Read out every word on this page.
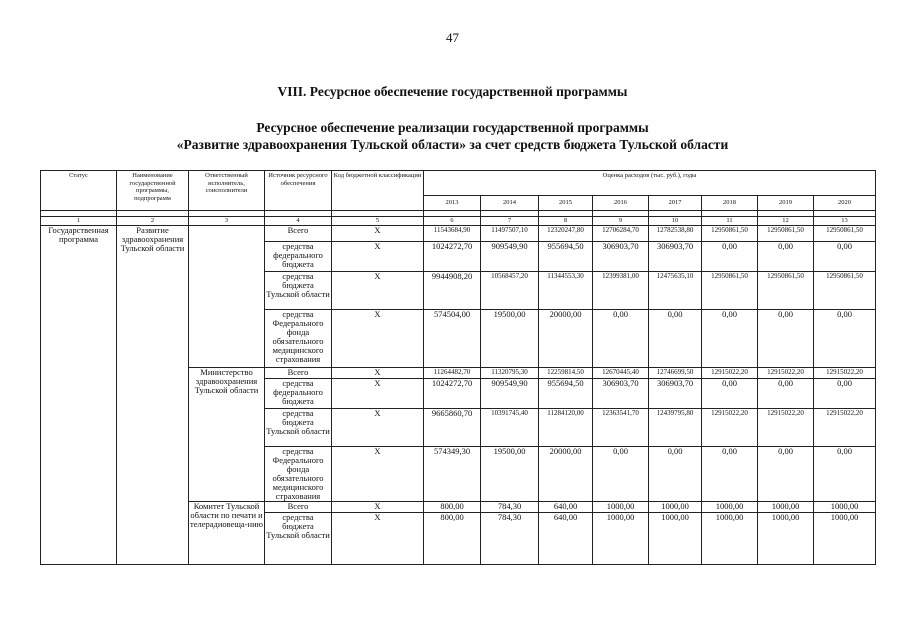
47
VIII. Ресурсное обеспечение государственной программы
Ресурсное обеспечение реализации государственной программы
«Развитие здравоохранения Тульской области» за счет средств бюджета Тульской области
Статус	Наименование государственной программы, подпрограмм	Ответственный исполнитель, соисполнители	Источник ресурсного обеспечения	Код бюджетной классификации	Оценка расходов (тыс. руб.), годы							
					2013	2014	2015	2016	2017	2018	2019	2020

1	2	3	4	5	6	7	8	9	10	11	12	13
Государственная программа	Развитие здравоохранения Тульской области		Всего	Х	11543684,90	11497507,10	12320247,80	12706284,70	12782538,80	12950861,50	12950861,50	12950861,50
			средства федерального бюджета	Х	1024272,70	909549,90	955694,50	306903,70	306903,70	0,00	0,00	0,00
			средства бюджета Тульской области	Х	9944908,20	10568457,20	11344553,30	12399381,00	12475635,10	12950861,50	12950861,50	12950861,50
			средства Федерального фонда обязательного медицинского страхования	Х	574504,00	19500,00	20000,00	0,00	0,00	0,00	0,00	0,00
		Министерство здравоохранения Тульской области	Всего	Х	11264482,70	11320795,30	12259814,50	12670445,40	12746699,50	12915022,20	12915022,20	12915022,20
			средства федерального бюджета	Х	1024272,70	909549,90	955694,50	306903,70	306903,70	0,00	0,00	0,00
			средства бюджета Тульской области	Х	9665860,70	10391745,40	11284120,00	12363541,70	12439795,80	12915022,20	12915022,20	12915022,20
			средства Федерального фонда обязательного медицинского страхования	Х	574349,30	19500,00	20000,00	0,00	0,00	0,00	0,00	0,00
		Комитет Тульской области по печати и телерадиовеща-нию	Всего	Х	800,00	784,30	640,00	1000,00	1000,00	1000,00	1000,00	1000,00
			средства бюджета Тульской области	Х	800,00	784,30	640,00	1000,00	1000,00	1000,00	1000,00	1000,00
